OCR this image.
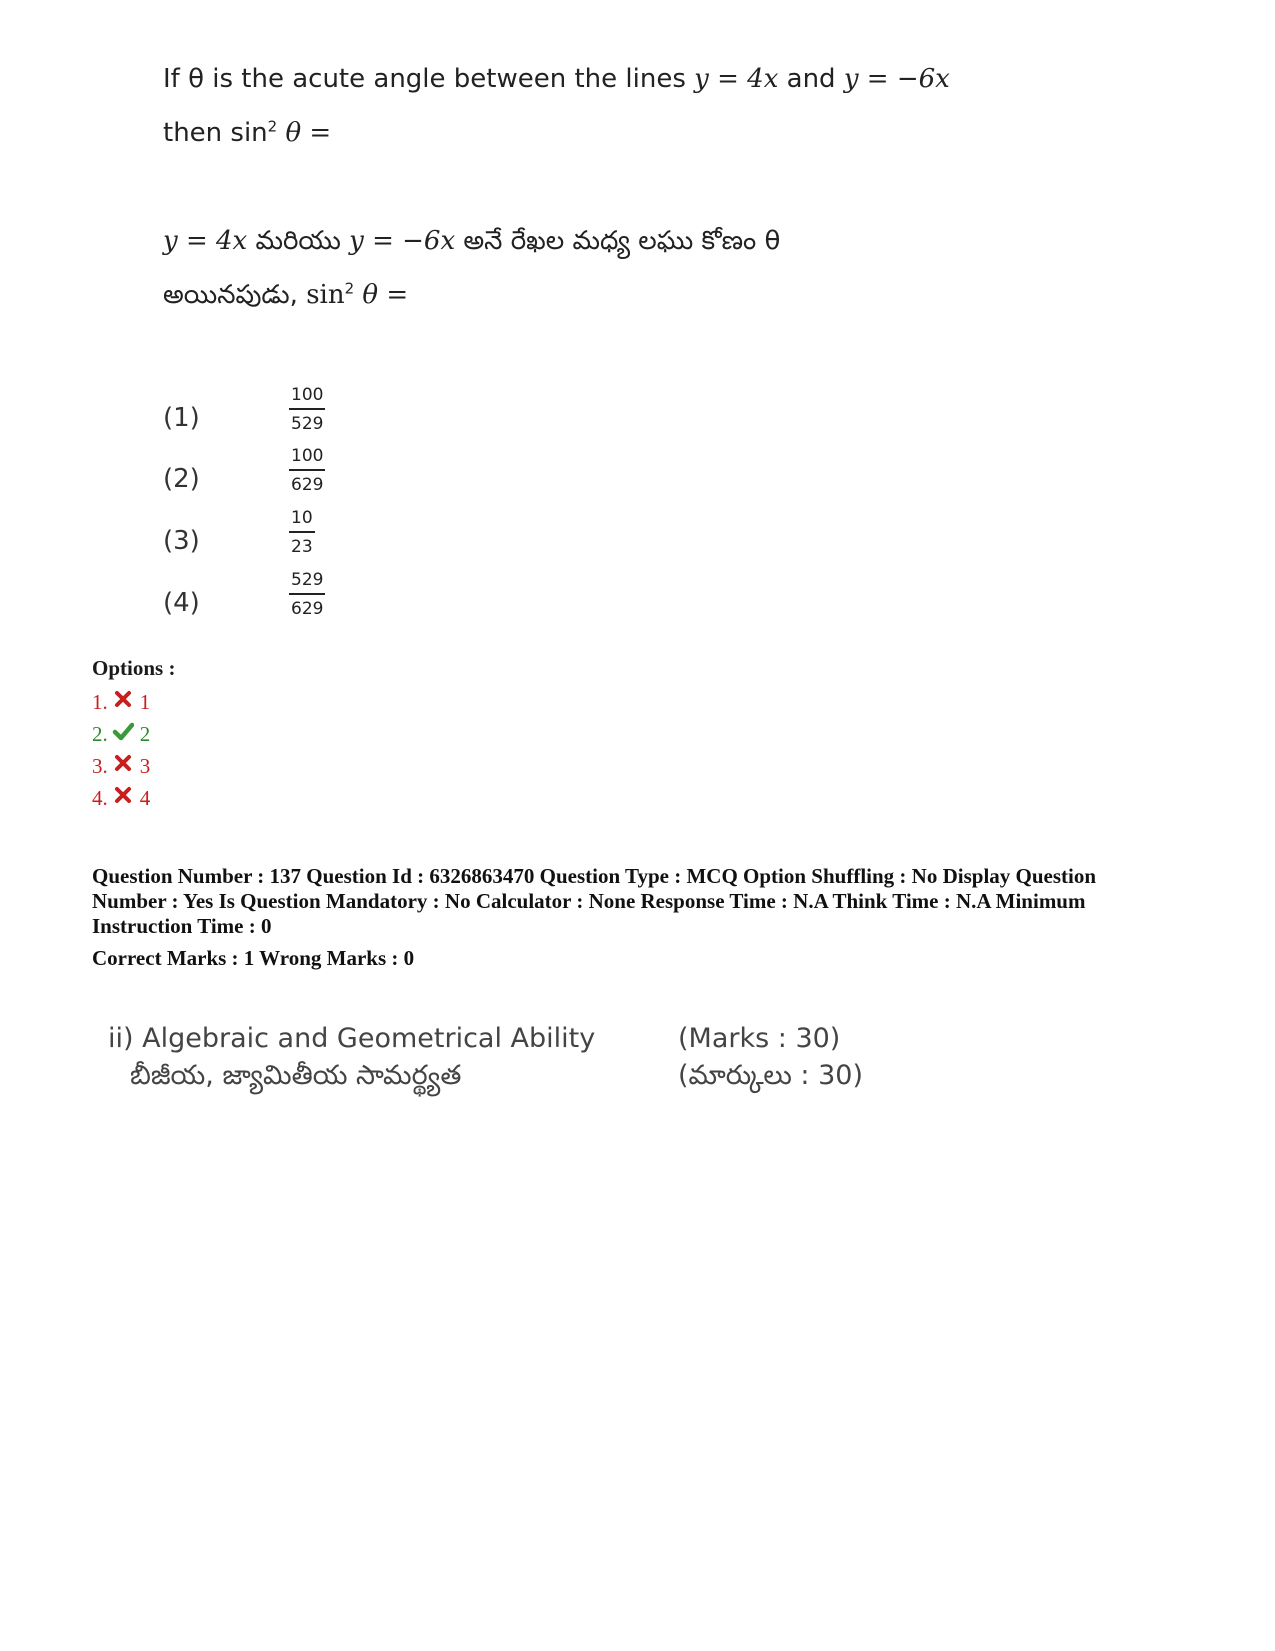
If θ is the acute angle between the lines y = 4x and y = −6x
then $\sin^2 \theta$ =
y = 4x మరియు y = −6x అనే రేఖల మధ్య లఘు కోణం θ
అయినపుడు, $\sin^2 \theta$ =
(1)	$\frac{100}{529}$
(2)	$\frac{100}{629}$
(3)	$\frac{10}{23}$
(4)	$\frac{529}{629}$
Options :
1. 1
2. 2
3. 3
4. 4
Question Number : 137 Question Id : 6326863470 Question Type : MCQ Option Shuffling : No Display Question
Number : Yes Is Question Mandatory : No Calculator : None Response Time : N.A Think Time : N.A Minimum
Instruction Time : 0
Correct Marks : 1 Wrong Marks : 0
ii) Algebraic and Geometrical Ability
బీజీయ, జ్యామితీయ సామర్థ్యత
(Marks : 30)
(మార్కులు : 30)
